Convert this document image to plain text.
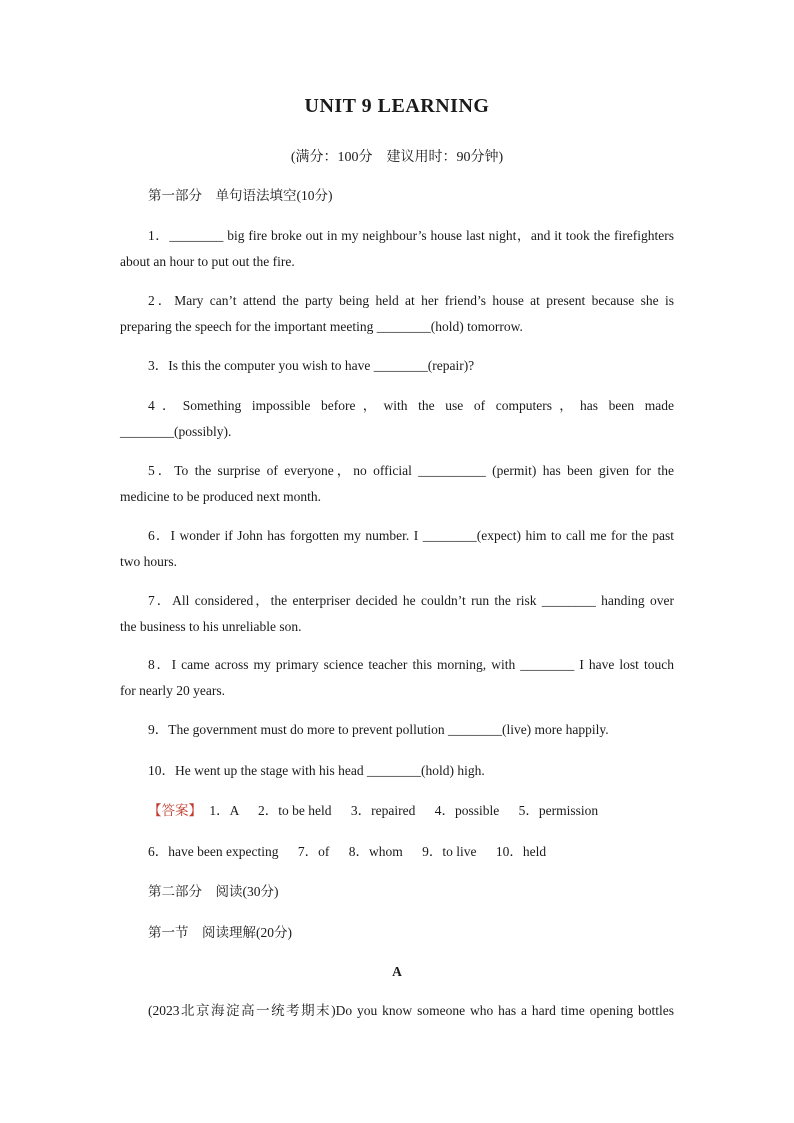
UNIT 9 LEARNING
(满分：100分　建议用时：90分钟)
第一部分　单句语法填空(10分)
1．________ big fire broke out in my neighbour’s house last night，and it took the firefighters
about an hour to put out the fire.
2．Mary can’t attend the party being held at her friend’s house at present because she is
preparing the speech for the important meeting ________(hold) tomorrow.
3．Is this the computer you wish to have ________(repair)?
4．Something impossible before，with the use of computers，has been made
________(possibly).
5．To the surprise of everyone，no official __________ (permit) has been given for the
medicine to be produced next month.
6．I wonder if John has forgotten my number. I ________(expect) him to call me for the past
two hours.
7．All considered，the enterpriser decided he couldn’t run the risk ________ handing over
the business to his unreliable son.
8．I came across my primary science teacher this morning, with ________ I have lost touch
for nearly 20 years.
9．The government must do more to prevent pollution ________(live) more happily.
10．He went up the stage with his head ________(hold) high.
【答案】 1．A 2．to be held 3．repaired 4．possible 5．permission
6．have been expecting 7．of 8．whom 9．to live 10．held
第二部分　阅读(30分)
第一节　阅读理解(20分)
A
(2023北京海淀高一统考期末)Do you know someone who has a hard time opening bottles
